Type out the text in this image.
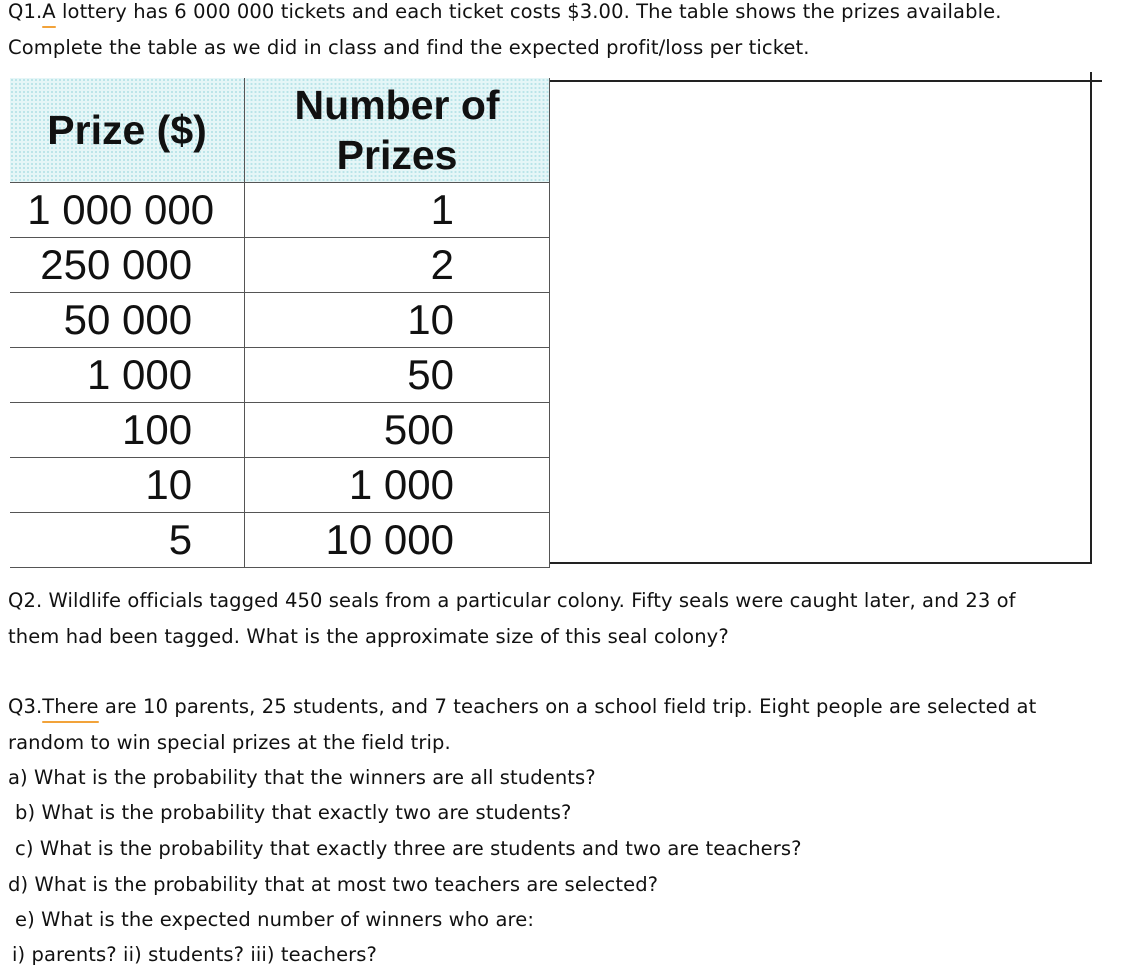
Q1.A lottery has 6 000 000 tickets and each ticket costs $3.00. The table shows the prizes available.
Complete the table as we did in class and find the expected profit/loss per ticket.
Prize ($)	Number of
Prizes
1 000 000	1
250 000	2
50 000	10
1 000	50
100	500
10	1 000
5	10 000
Q2. Wildlife officials tagged 450 seals from a particular colony. Fifty seals were caught later, and 23 of
them had been tagged. What is the approximate size of this seal colony?
Q3.There are 10 parents, 25 students, and 7 teachers on a school field trip. Eight people are selected at
random to win special prizes at the field trip.
a) What is the probability that the winners are all students?
b) What is the probability that exactly two are students?
c) What is the probability that exactly three are students and two are teachers?
d) What is the probability that at most two teachers are selected?
e) What is the expected number of winners who are:
i) parents? ii) students? iii) teachers?
